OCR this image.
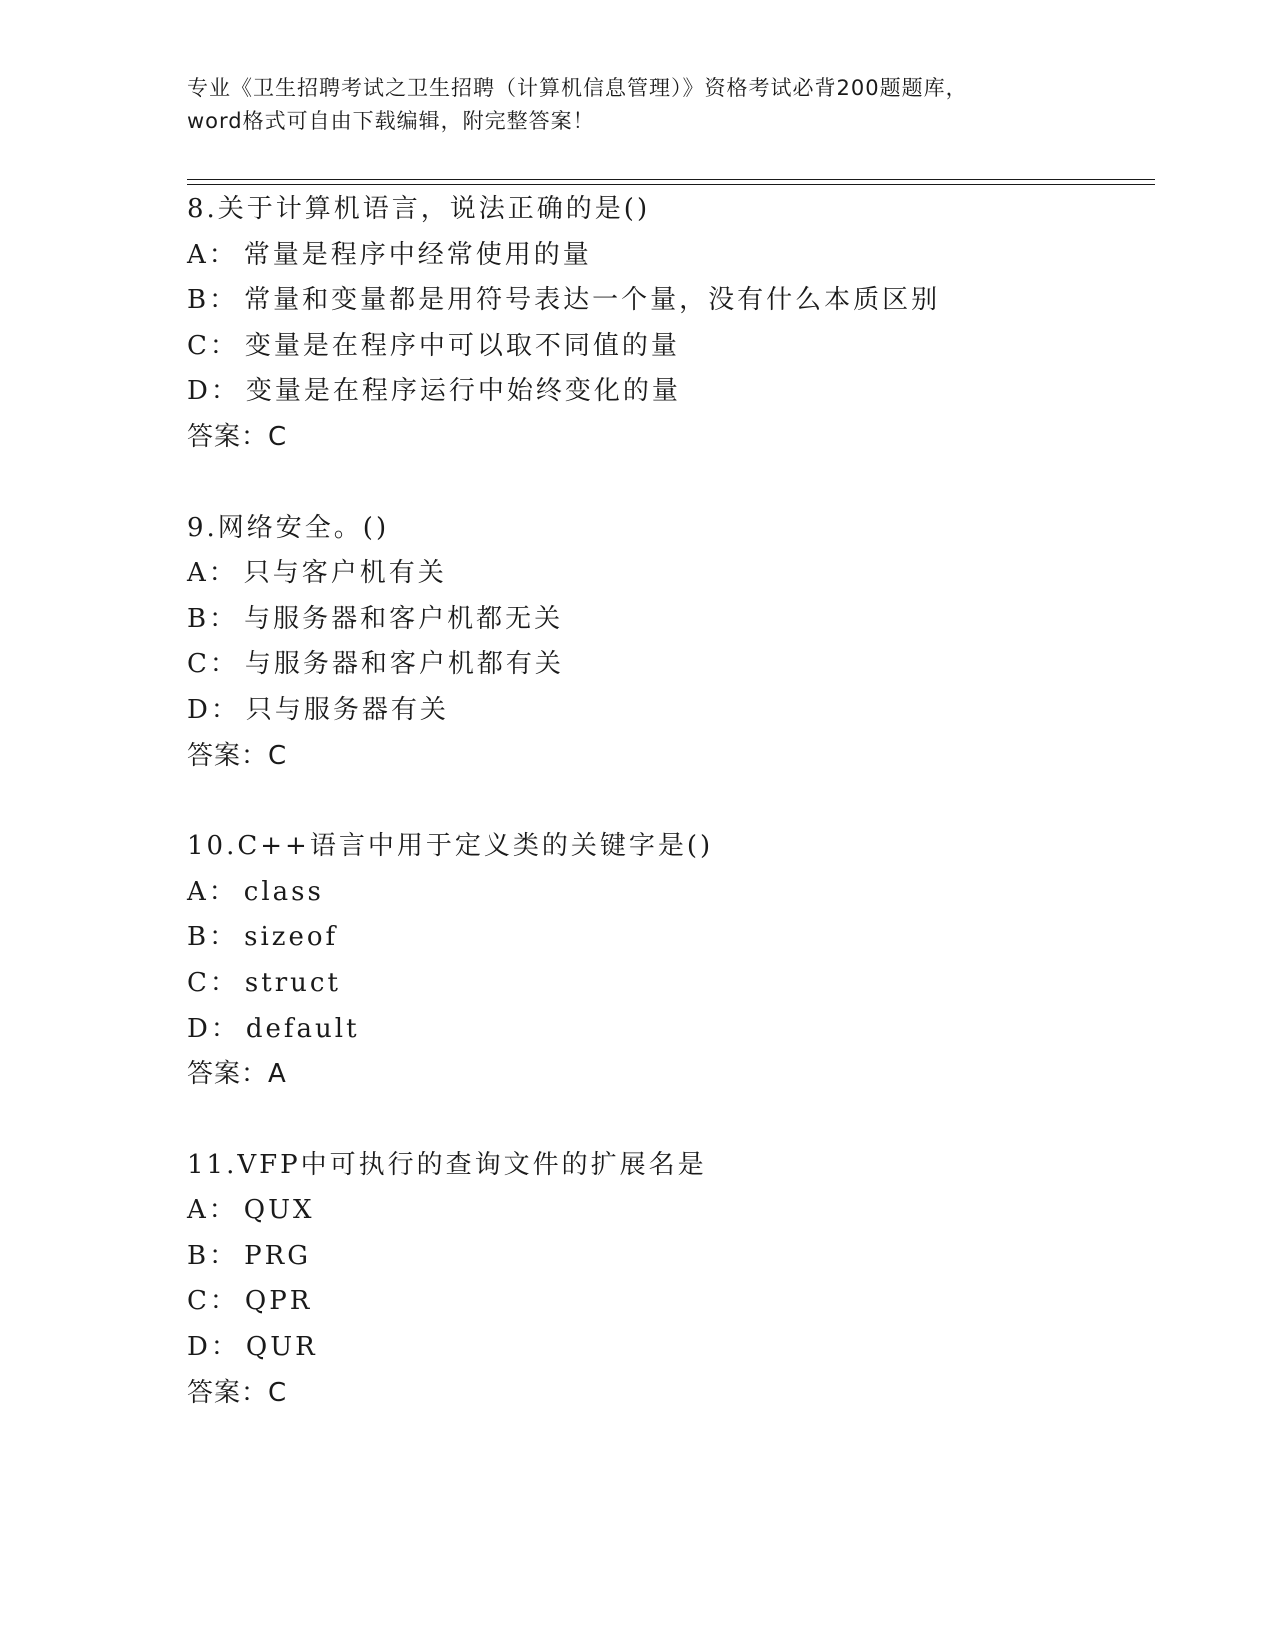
专业《卫生招聘考试之卫生招聘（计算机信息管理）》资格考试必背200题题库，
word格式可自由下载编辑，附完整答案！
8.关于计算机语言，说法正确的是()
A： 常量是程序中经常使用的量
B： 常量和变量都是用符号表达一个量，没有什么本质区别
C： 变量是在程序中可以取不同值的量
D： 变量是在程序运行中始终变化的量
答案：C
9.网络安全。()
A： 只与客户机有关
B： 与服务器和客户机都无关
C： 与服务器和客户机都有关
D： 只与服务器有关
答案：C
10.C++语言中用于定义类的关键字是()
A： class
B： sizeof
C： struct
D： default
答案：A
11.VFP中可执行的查询文件的扩展名是
A： QUX
B： PRG
C： QPR
D： QUR
答案：C
